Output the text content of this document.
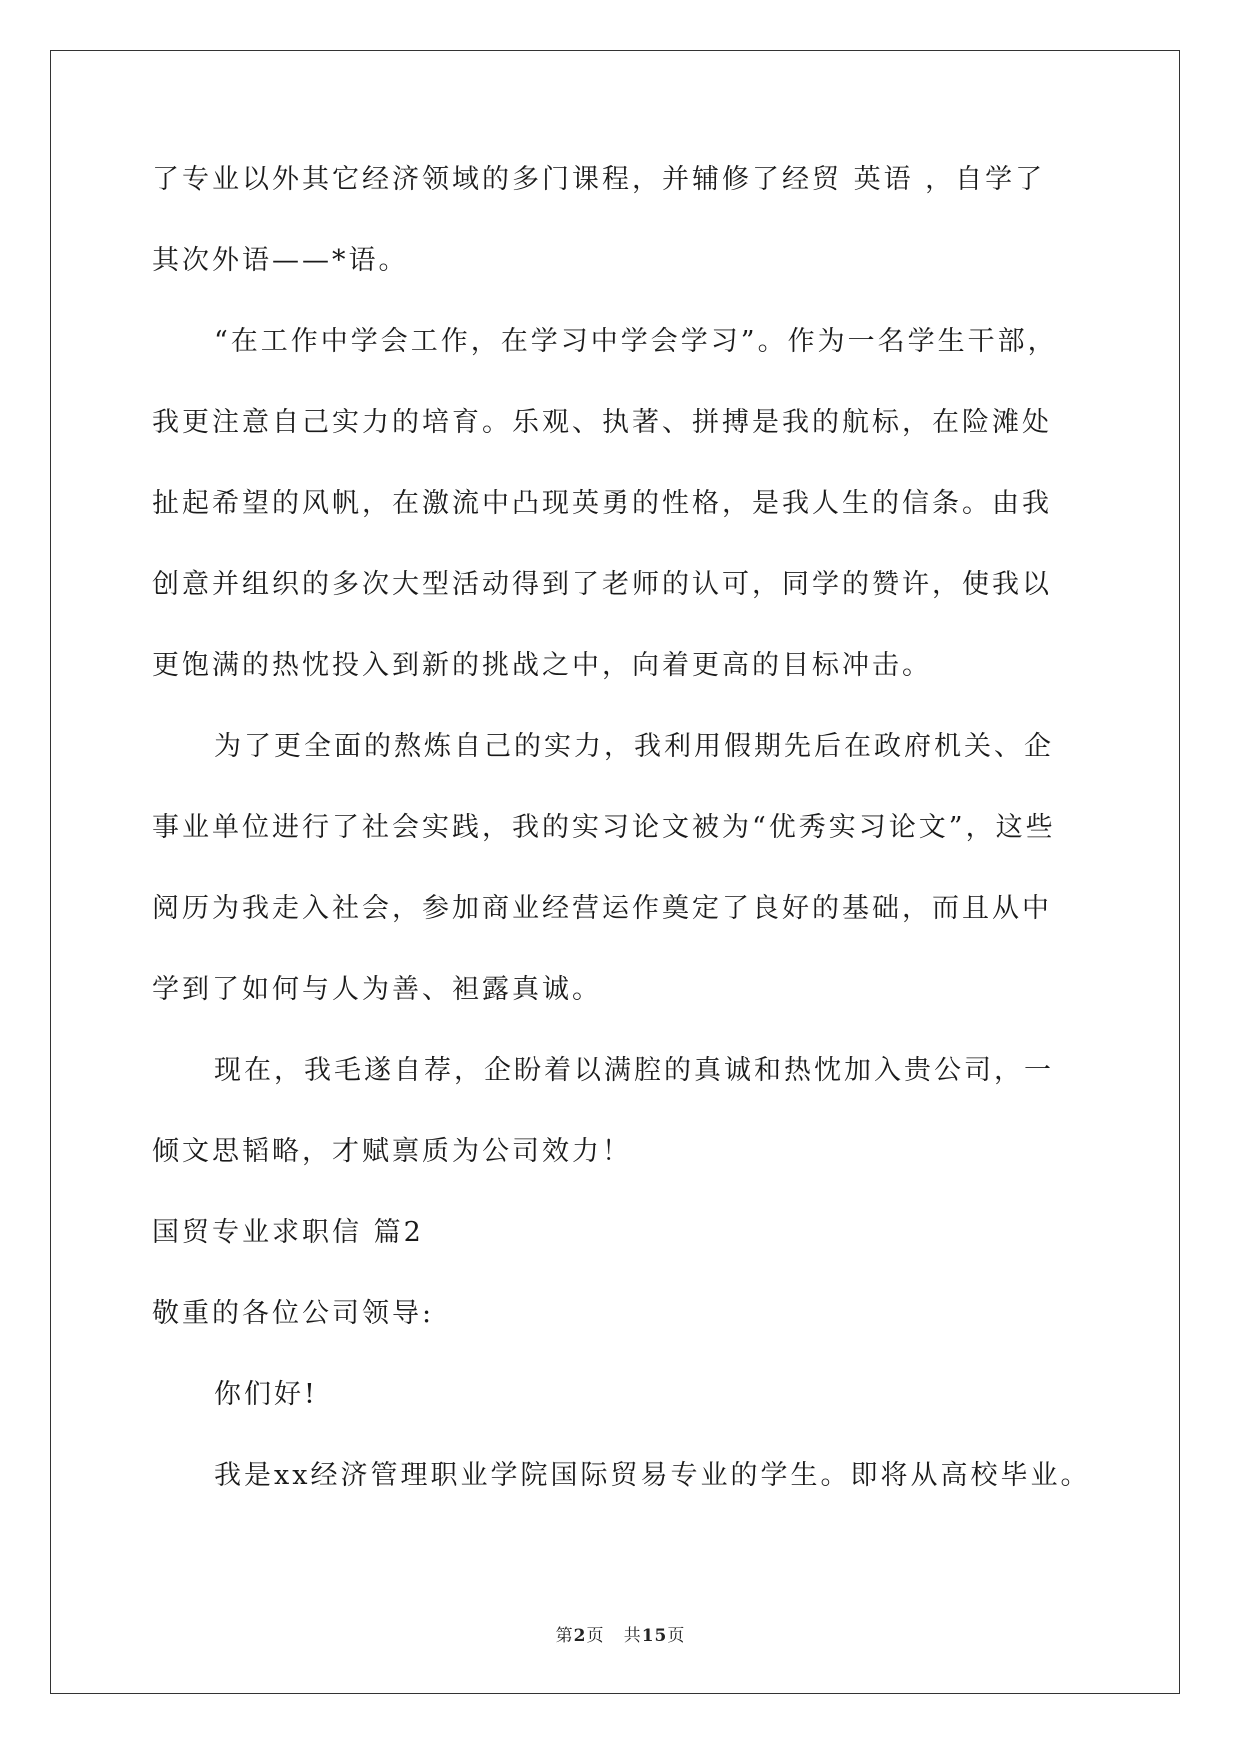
了专业以外其它经济领域的多门课程，并辅修了经贸 英语 ，自学了
其次外语——*语。
“在工作中学会工作，在学习中学会学习”。作为一名学生干部，
我更注意自己实力的培育。乐观、执著、拼搏是我的航标，在险滩处
扯起希望的风帆，在激流中凸现英勇的性格，是我人生的信条。由我
创意并组织的多次大型活动得到了老师的认可，同学的赞许，使我以
更饱满的热忱投入到新的挑战之中，向着更高的目标冲击。
为了更全面的熬炼自己的实力，我利用假期先后在政府机关、企
事业单位进行了社会实践，我的实习论文被为“优秀实习论文”，这些
阅历为我走入社会，参加商业经营运作奠定了良好的基础，而且从中
学到了如何与人为善、袒露真诚。
现在，我毛遂自荐，企盼着以满腔的真诚和热忱加入贵公司，一
倾文思韬略，才赋禀质为公司效力！
国贸专业求职信 篇2
敬重的各位公司领导:
你们好!
我是xx经济管理职业学院国际贸易专业的学生。即将从高校毕业。
第2页 共15页
